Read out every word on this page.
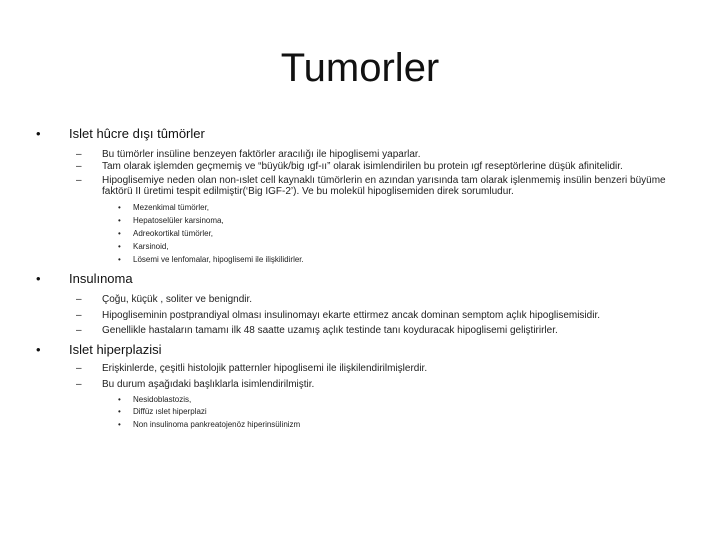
Tumorler
• Islet hûcre dışı tûmörler
– Bu tümörler insüline benzeyen faktörler aracılığı ile hipoglisemi yaparlar.
– Tam olarak işlemden geçmemiş ve “büyük/big ıgf-ıı” olarak isimlendirilen bu protein ıgf reseptörlerine düşük afinitelidir.
– Hipoglisemiye neden olan non-ıslet cell kaynaklı tümörlerin en azından yarısında tam olarak işlenmemiş insülin benzeri büyüme faktörü II üretimi tespit edilmiştir(‘Big IGF-2’). Ve bu molekül hipoglisemiden direk sorumludur.
• Mezenkimal tümörler,
• Hepatoselüler karsinoma,
• Adreokortikal tümörler,
• Karsinoid,
• Lösemi ve lenfomalar, hipoglisemi ile ilişkilidirler.
• Insulınoma
– Çoğu, küçük , soliter ve benigndir.
– Hipogliseminin postprandiyal olması insulinomayı ekarte ettirmez ancak dominan semptom açlık hipoglisemisidir.
– Genellikle hastaların tamamı ilk 48 saatte uzamış açlık testinde tanı koyduracak hipoglisemi geliştirirler.
• Islet hiperplazisi
– Erişkinlerde, çeşitli histolojik patternler hipoglisemi ile ilişkilendirilmişlerdir.
– Bu durum aşağıdaki başlıklarla isimlendirilmiştir.
• Nesidoblastozis,
• Diffüz ıslet hiperplazi
• Non insulinoma pankreatojenöz hiperinsülinizm
